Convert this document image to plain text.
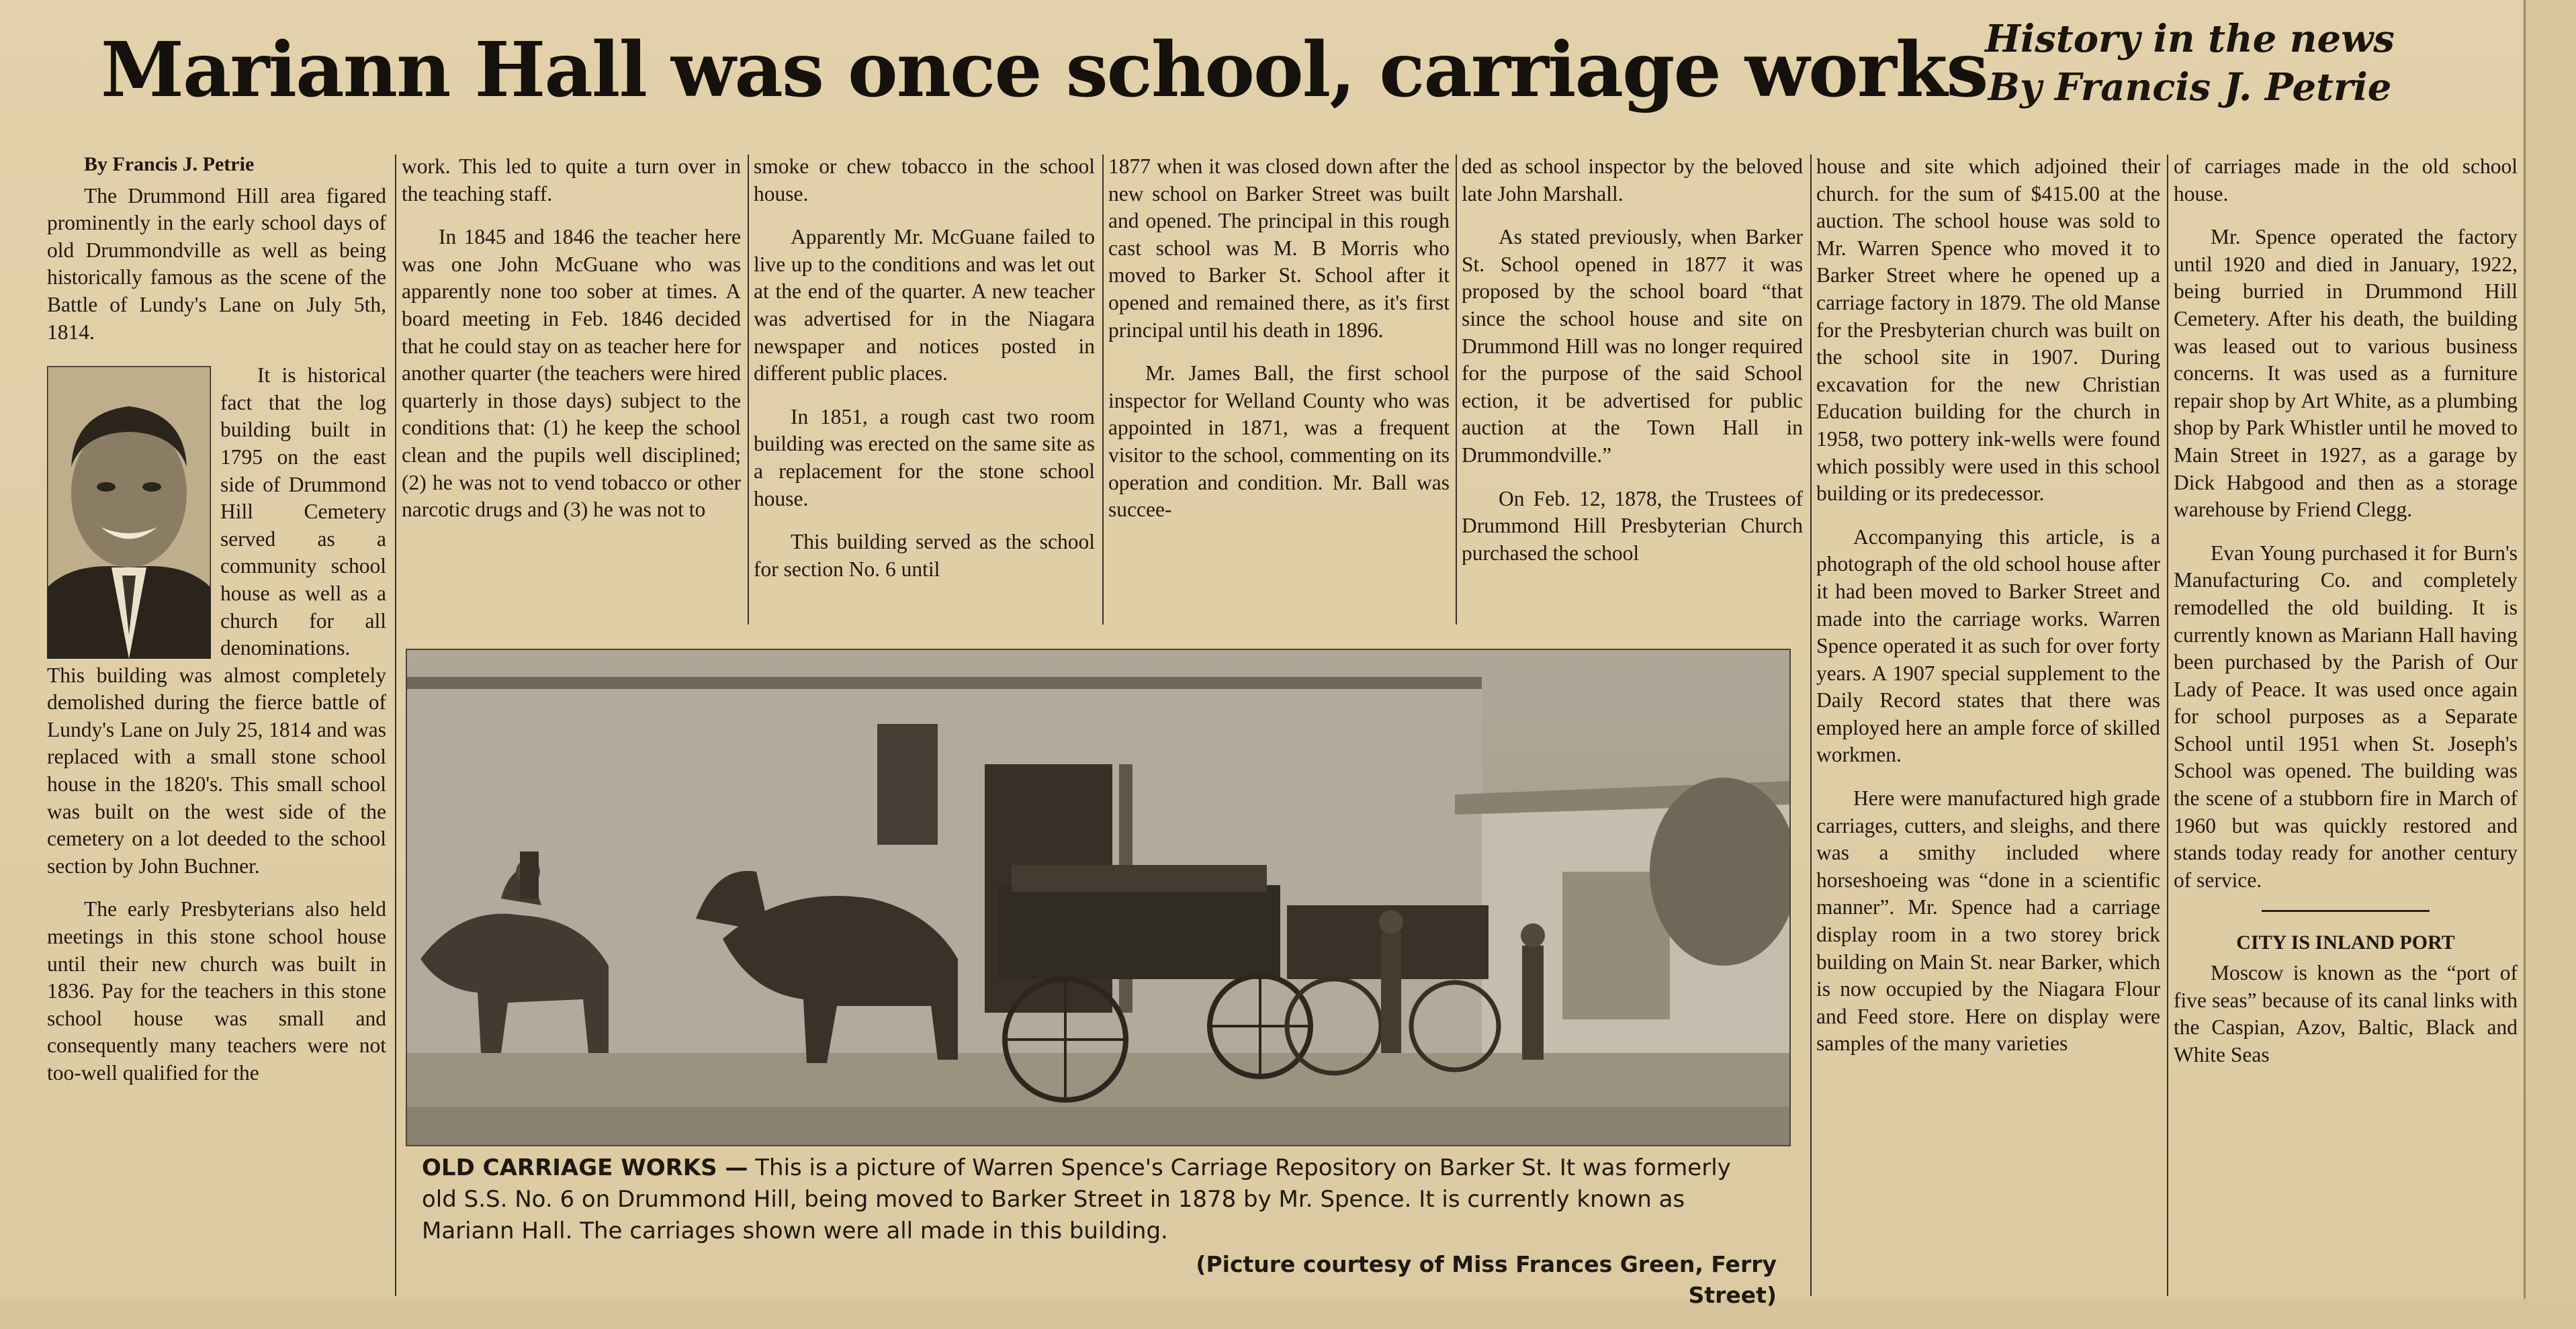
Mariann Hall was once school, carriage works
History in the news
By Francis J. Petrie
By Francis J. Petrie

The Drummond Hill area figared prominently in the early school days of old Drummondville as well as being historically famous as the scene of the Battle of Lundy's Lane on July 5th, 1814.

It is historical fact that the log building built in 1795 on the east side of Drummond Hill Cemetery served as a community school house as well as a church for all denominations. This building was almost completely demolished during the fierce battle of Lundy's Lane on July 25, 1814 and was replaced with a small stone school house in the 1820's. This small school was built on the west side of the cemetery on a lot deeded to the school section by John Buchner.

The early Presbyterians also held meetings in this stone school house until their new church was built in 1836. Pay for the teachers in this stone school house was small and consequently many teachers were not too-well qualified for the

work. This led to quite a turn over in the teaching staff.

In 1845 and 1846 the teacher here was one John McGuane who was apparently none too sober at times. A board meeting in Feb. 1846 decided that he could stay on as teacher here for another quarter (the teachers were hired quarterly in those days) subject to the conditions that: (1) he keep the school clean and the pupils well disciplined; (2) he was not to vend tobacco or other narcotic drugs and (3) he was not to

smoke or chew tobacco in the school house.

Apparently Mr. McGuane failed to live up to the conditions and was let out at the end of the quarter. A new teacher was advertised for in the Niagara newspaper and notices posted in different public places.

In 1851, a rough cast two room building was erected on the same site as a replacement for the stone school house.

This building served as the school for section No. 6 until

1877 when it was closed down after the new school on Barker Street was built and opened. The principal in this rough cast school was M. B Morris who moved to Barker St. School after it opened and remained there, as it's first principal until his death in 1896.

Mr. James Ball, the first school inspector for Welland County who was appointed in 1871, was a frequent visitor to the school, commenting on its operation and condition. Mr. Ball was succee-

ded as school inspector by the beloved late John Marshall.

As stated previously, when Barker St. School opened in 1877 it was proposed by the school board “that since the school house and site on Drummond Hill was no longer required for the purpose of the said School ection, it be advertised for public auction at the Town Hall in Drummondville.”

On Feb. 12, 1878, the Trustees of Drummond Hill Presbyterian Church purchased the school

house and site which adjoined their church. for the sum of $415.00 at the auction. The school house was sold to Mr. Warren Spence who moved it to Barker Street where he opened up a carriage factory in 1879. The old Manse for the Presbyterian church was built on the school site in 1907. During excavation for the new Christian Education building for the church in 1958, two pottery ink-wells were found which possibly were used in this school building or its predecessor.

Accompanying this article, is a photograph of the old school house after it had been moved to Barker Street and made into the carriage works. Warren Spence operated it as such for over forty years. A 1907 special supplement to the Daily Record states that there was employed here an ample force of skilled workmen.

Here were manufactured high grade carriages, cutters, and sleighs, and there was a smithy included where horseshoeing was “done in a scientific manner”. Mr. Spence had a carriage display room in a two storey brick building on Main St. near Barker, which is now occupied by the Niagara Flour and Feed store. Here on display were samples of the many varieties

of carriages made in the old school house.

Mr. Spence operated the factory until 1920 and died in January, 1922, being burried in Drummond Hill Cemetery. After his death, the building was leased out to various business concerns. It was used as a furniture repair shop by Art White, as a plumbing shop by Park Whistler until he moved to Main Street in 1927, as a garage by Dick Habgood and then as a storage warehouse by Friend Clegg.

Evan Young purchased it for Burn's Manufacturing Co. and completely remodelled the old building. It is currently known as Mariann Hall having been purchased by the Parish of Our Lady of Peace. It was used once again for school purposes as a Separate School until 1951 when St. Joseph's School was opened. The building was the scene of a stubborn fire in March of 1960 but was quickly restored and stands today ready for another century of service.

CITY IS INLAND PORT

Moscow is known as the “port of five seas” because of its canal links with the Caspian, Azov, Baltic, Black and White Seas

OLD CARRIAGE WORKS — This is a picture of Warren Spence's Carriage Repository on Barker St. It was formerly old S.S. No. 6 on Drummond Hill, being moved to Barker Street in 1878 by Mr. Spence. It is currently known as Mariann Hall. The carriages shown were all made in this building.
(Picture courtesy of Miss Frances Green, Ferry Street)
